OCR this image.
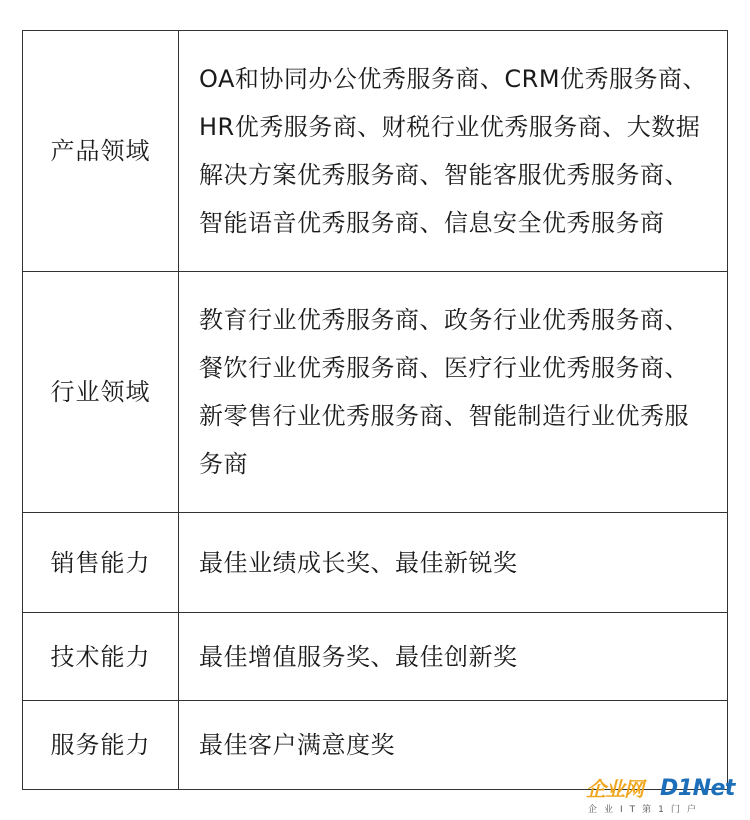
产品领域	OA和协同办公优秀服务商、CRM优秀服务商、HR优秀服务商、财税行业优秀服务商、大数据解决方案优秀服务商、智能客服优秀服务商、智能语音优秀服务商、信息安全优秀服务商
行业领域	教育行业优秀服务商、政务行业优秀服务商、餐饮行业优秀服务商、医疗行业优秀服务商、新零售行业优秀服务商、智能制造行业优秀服务商
销售能力	最佳业绩成长奖、最佳新锐奖
技术能力	最佳增值服务奖、最佳创新奖
服务能力	最佳客户满意度奖
企业网 D1Net
企业IT第1门户
